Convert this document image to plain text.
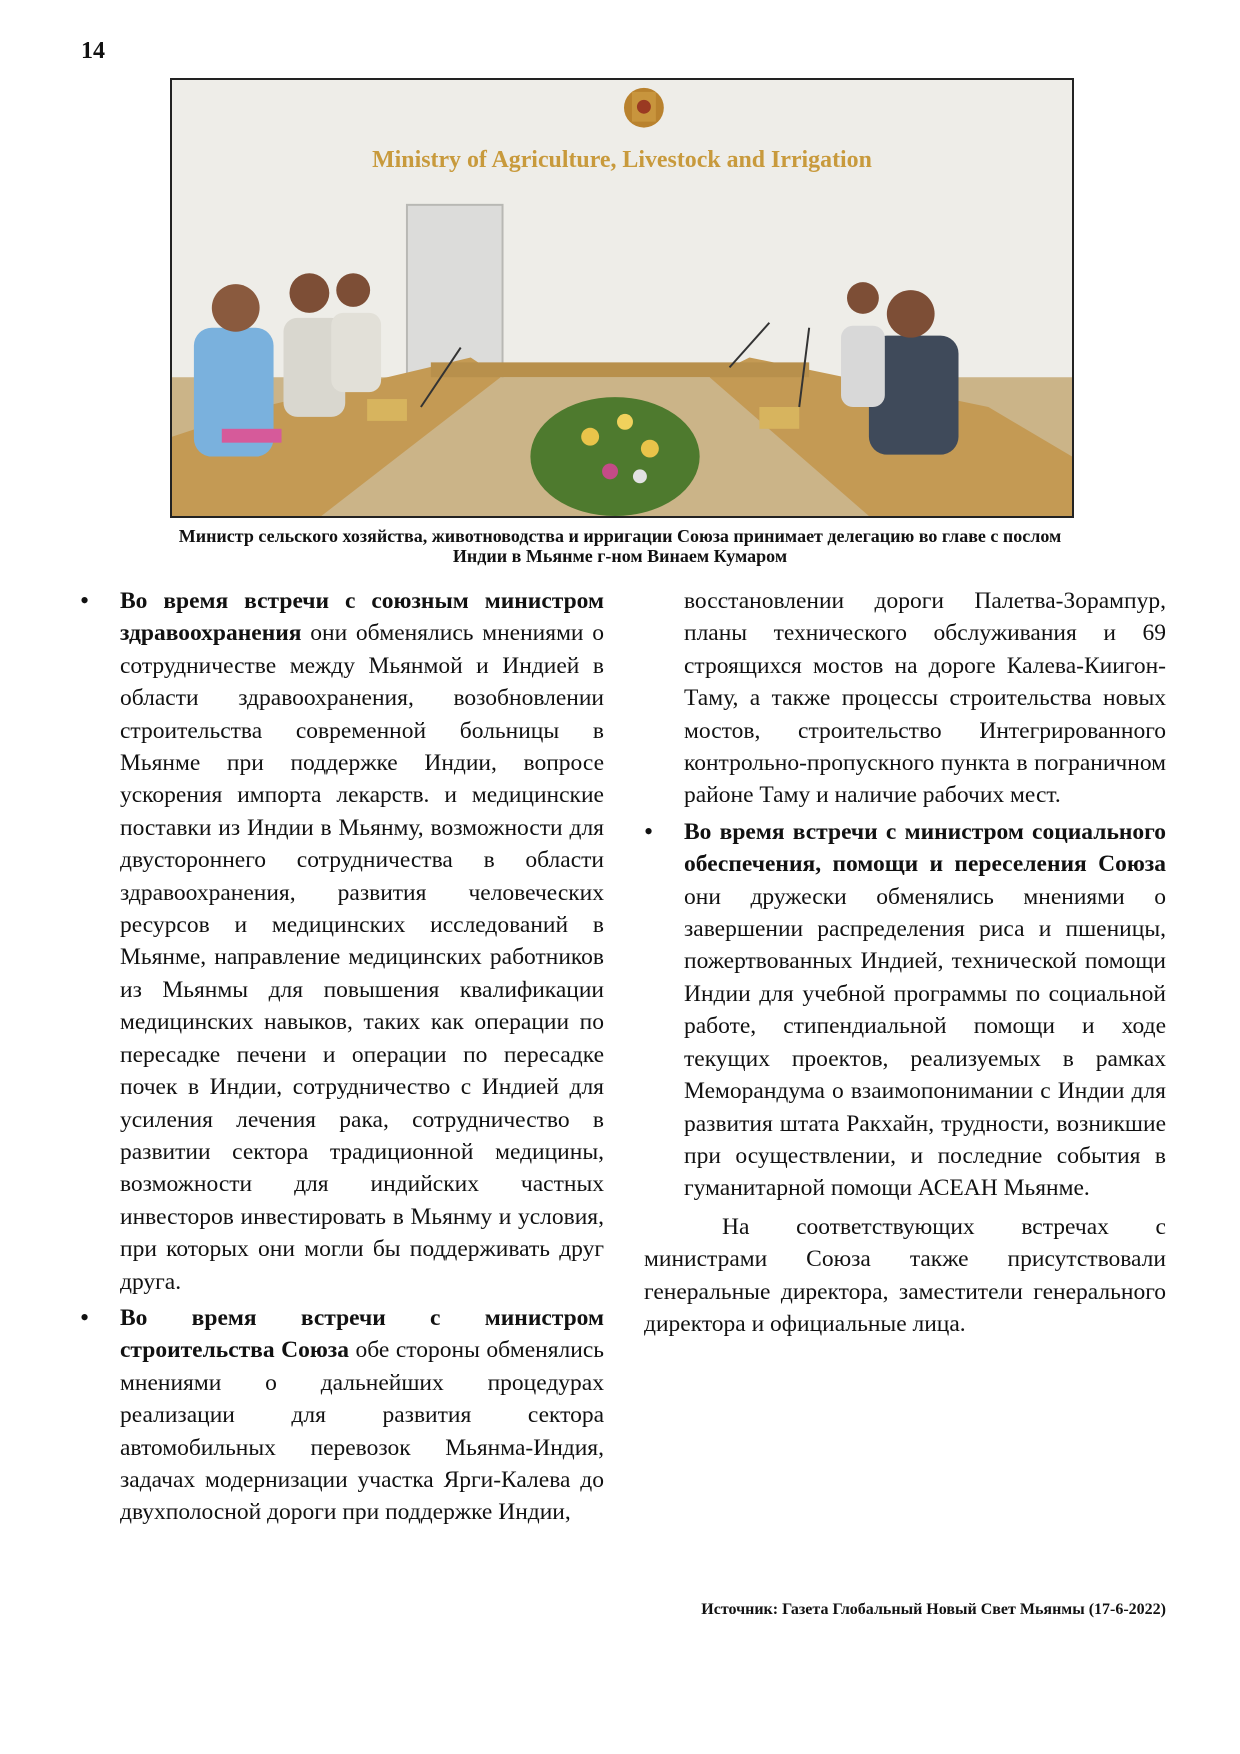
14
Ministry of Agriculture, Livestock and Irrigation
Министр сельского хозяйства, животноводства и ирригации Союза принимает делегацию во главе с послом
Индии в Мьянме г-ном Винаем Кумаром

• Во время встречи с союзным министром здравоохранения они обменялись мнениями о сотрудничестве между Мьянмой и Индией в области здравоохранения, возобновлении строительства современной больницы в Мьянме при поддержке Индии, вопросе ускорения импорта лекарств. и медицинские поставки из Индии в Мьянму, возможности для двустороннего сотрудничества в области здравоохранения, развития человеческих ресурсов и медицинских исследований в Мьянме, направление медицинских работников из Мьянмы для повышения квалификации медицинских навыков, таких как операции по пересадке печени и операции по пересадке почек в Индии, сотрудничество с Индией для усиления лечения рака, сотрудничество в развитии сектора традиционной медицины, возможности для индийских частных инвесторов инвестировать в Мьянму и условия, при которых они могли бы поддерживать друг друга.

• Во время встречи с министром строительства Союза обе стороны обменялись мнениями о дальнейших процедурах реализации для развития сектора автомобильных перевозок Мьянма-Индия, задачах модернизации участка Ярги-Калева до двухполосной дороги при поддержке Индии,

восстановлении дороги Палетва-Зорампур, планы технического обслуживания и 69 строящихся мостов на дороге Калева-Киигон-Таму, а также процессы строительства новых мостов, строительство Интегрированного контрольно-пропускного пункта в пограничном районе Таму и наличие рабочих мест.

• Во время встречи с министром социального обеспечения, помощи и переселения Союза они дружески обменялись мнениями о завершении распределения риса и пшеницы, пожертвованных Индией, технической помощи Индии для учебной программы по социальной работе, стипендиальной помощи и ходе текущих проектов, реализуемых в рамках Меморандума о взаимопонимании с Индии для развития штата Ракхайн, трудности, возникшие при осуществлении, и последние события в гуманитарной помощи АСЕАН Мьянме.

На соответствующих встречах с министрами Союза также присутствовали генеральные директора, заместители генерального директора и официальные лица.

Источник: Газета Глобальный Новый Свет Мьянмы (17-6-2022)
